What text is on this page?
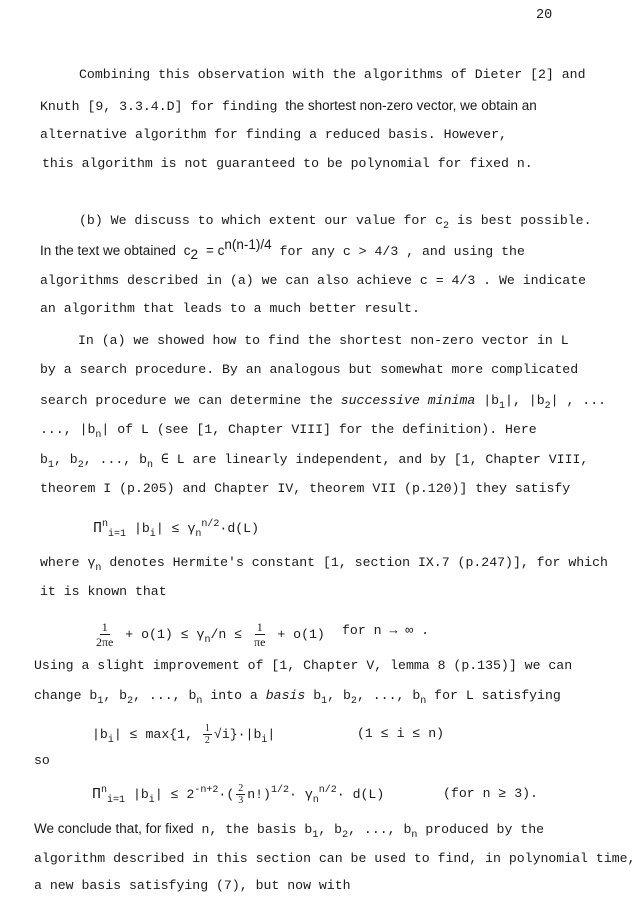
20
Combining this observation with the algorithms of Dieter [2] and
Knuth [9, 3.3.4.D] for finding the shortest non-zero vector, we obtain an
alternative algorithm for finding a reduced basis. However,
this algorithm is not guaranteed to be polynomial for fixed n.
(b) We discuss to which extent our value for $c_2$ is best possible.
In the text we obtained $c_2 = c^{n(n-1)/4}$ for any c > 4/3 , and using the
algorithms described in (a) we can also achieve c = 4/3 . We indicate
an algorithm that leads to a much better result.
In (a) we showed how to find the shortest non-zero vector in L
by a search procedure. By an analogous but somewhat more complicated
search procedure we can determine the successive minima $|b_1|$, $|b_2|$ , ...
..., $|b_n|$ of L (see [1, Chapter VIII] for the definition). Here
$b_1$, $b_2$, ..., $b_n$ ∈ L are linearly independent, and by [1, Chapter VIII,
theorem I (p.205) and Chapter IV, theorem VII (p.120)] they satisfy
$\Pi^n_{i=1}$ $|b_i| \le \gamma_n^{n/2}\cdot d(L)$
where $\gamma_n$ denotes Hermite's constant [1, section IX.7 (p.247)], for which
it is known that
$\frac{1}{2\pi e} + o(1) \le \gamma_n/n \le \frac{1}{\pi e} + o(1)$ for n → ∞ .
Using a slight improvement of [1, Chapter V, lemma 8 (p.135)] we can
change $b_1$, $b_2$, ..., $b_n$ into a basis $b_1$, $b_2$, ..., $b_n$ for L satisfying
$|b_i| \le \max\{1$, $\frac{1}{2} √i\}\cdot|b_i|$	(1 ≤ i ≤ n)
so
$\Pi^n_{i=1}$ $|b_i| \le 2^{-n+2}\cdot( \frac{2}{3} n!)^{1/2}\cdot \gamma_n^{n/2}\cdot d(L)$	(for n ≥ 3).
We conclude that, for fixed n, the basis $b_1$, $b_2$, ..., $b_n$ produced by the
algorithm described in this section can be used to find, in polynomial time,
a new basis satisfying (7), but now with
